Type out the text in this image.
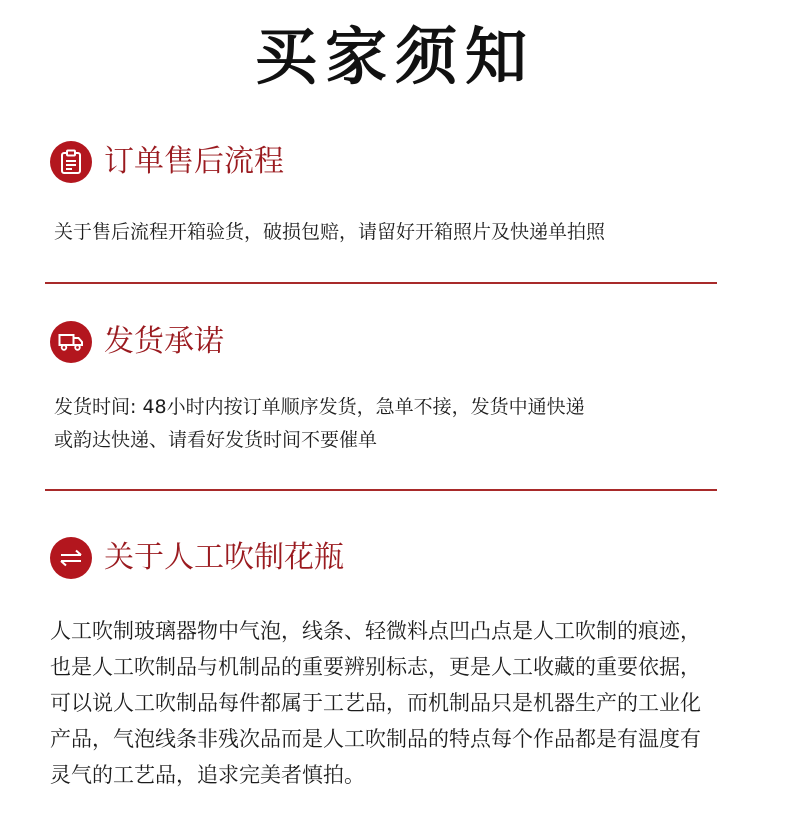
买家须知
订单售后流程
关于售后流程开箱验货，破损包赔，请留好开箱照片及快递单拍照
发货承诺
发货时间: 48小时内按订单顺序发货，急单不接，发货中通快递
或韵达快递、请看好发货时间不要催单
关于人工吹制花瓶
人工吹制玻璃器物中气泡，线条、轻微料点凹凸点是人工吹制的痕迹，
也是人工吹制品与机制品的重要辨别标志，更是人工收藏的重要依据，
可以说人工吹制品每件都属于工艺品，而机制品只是机器生产的工业化
产品，气泡线条非残次品而是人工吹制品的特点每个作品都是有温度有
灵气的工艺品，追求完美者慎拍。
